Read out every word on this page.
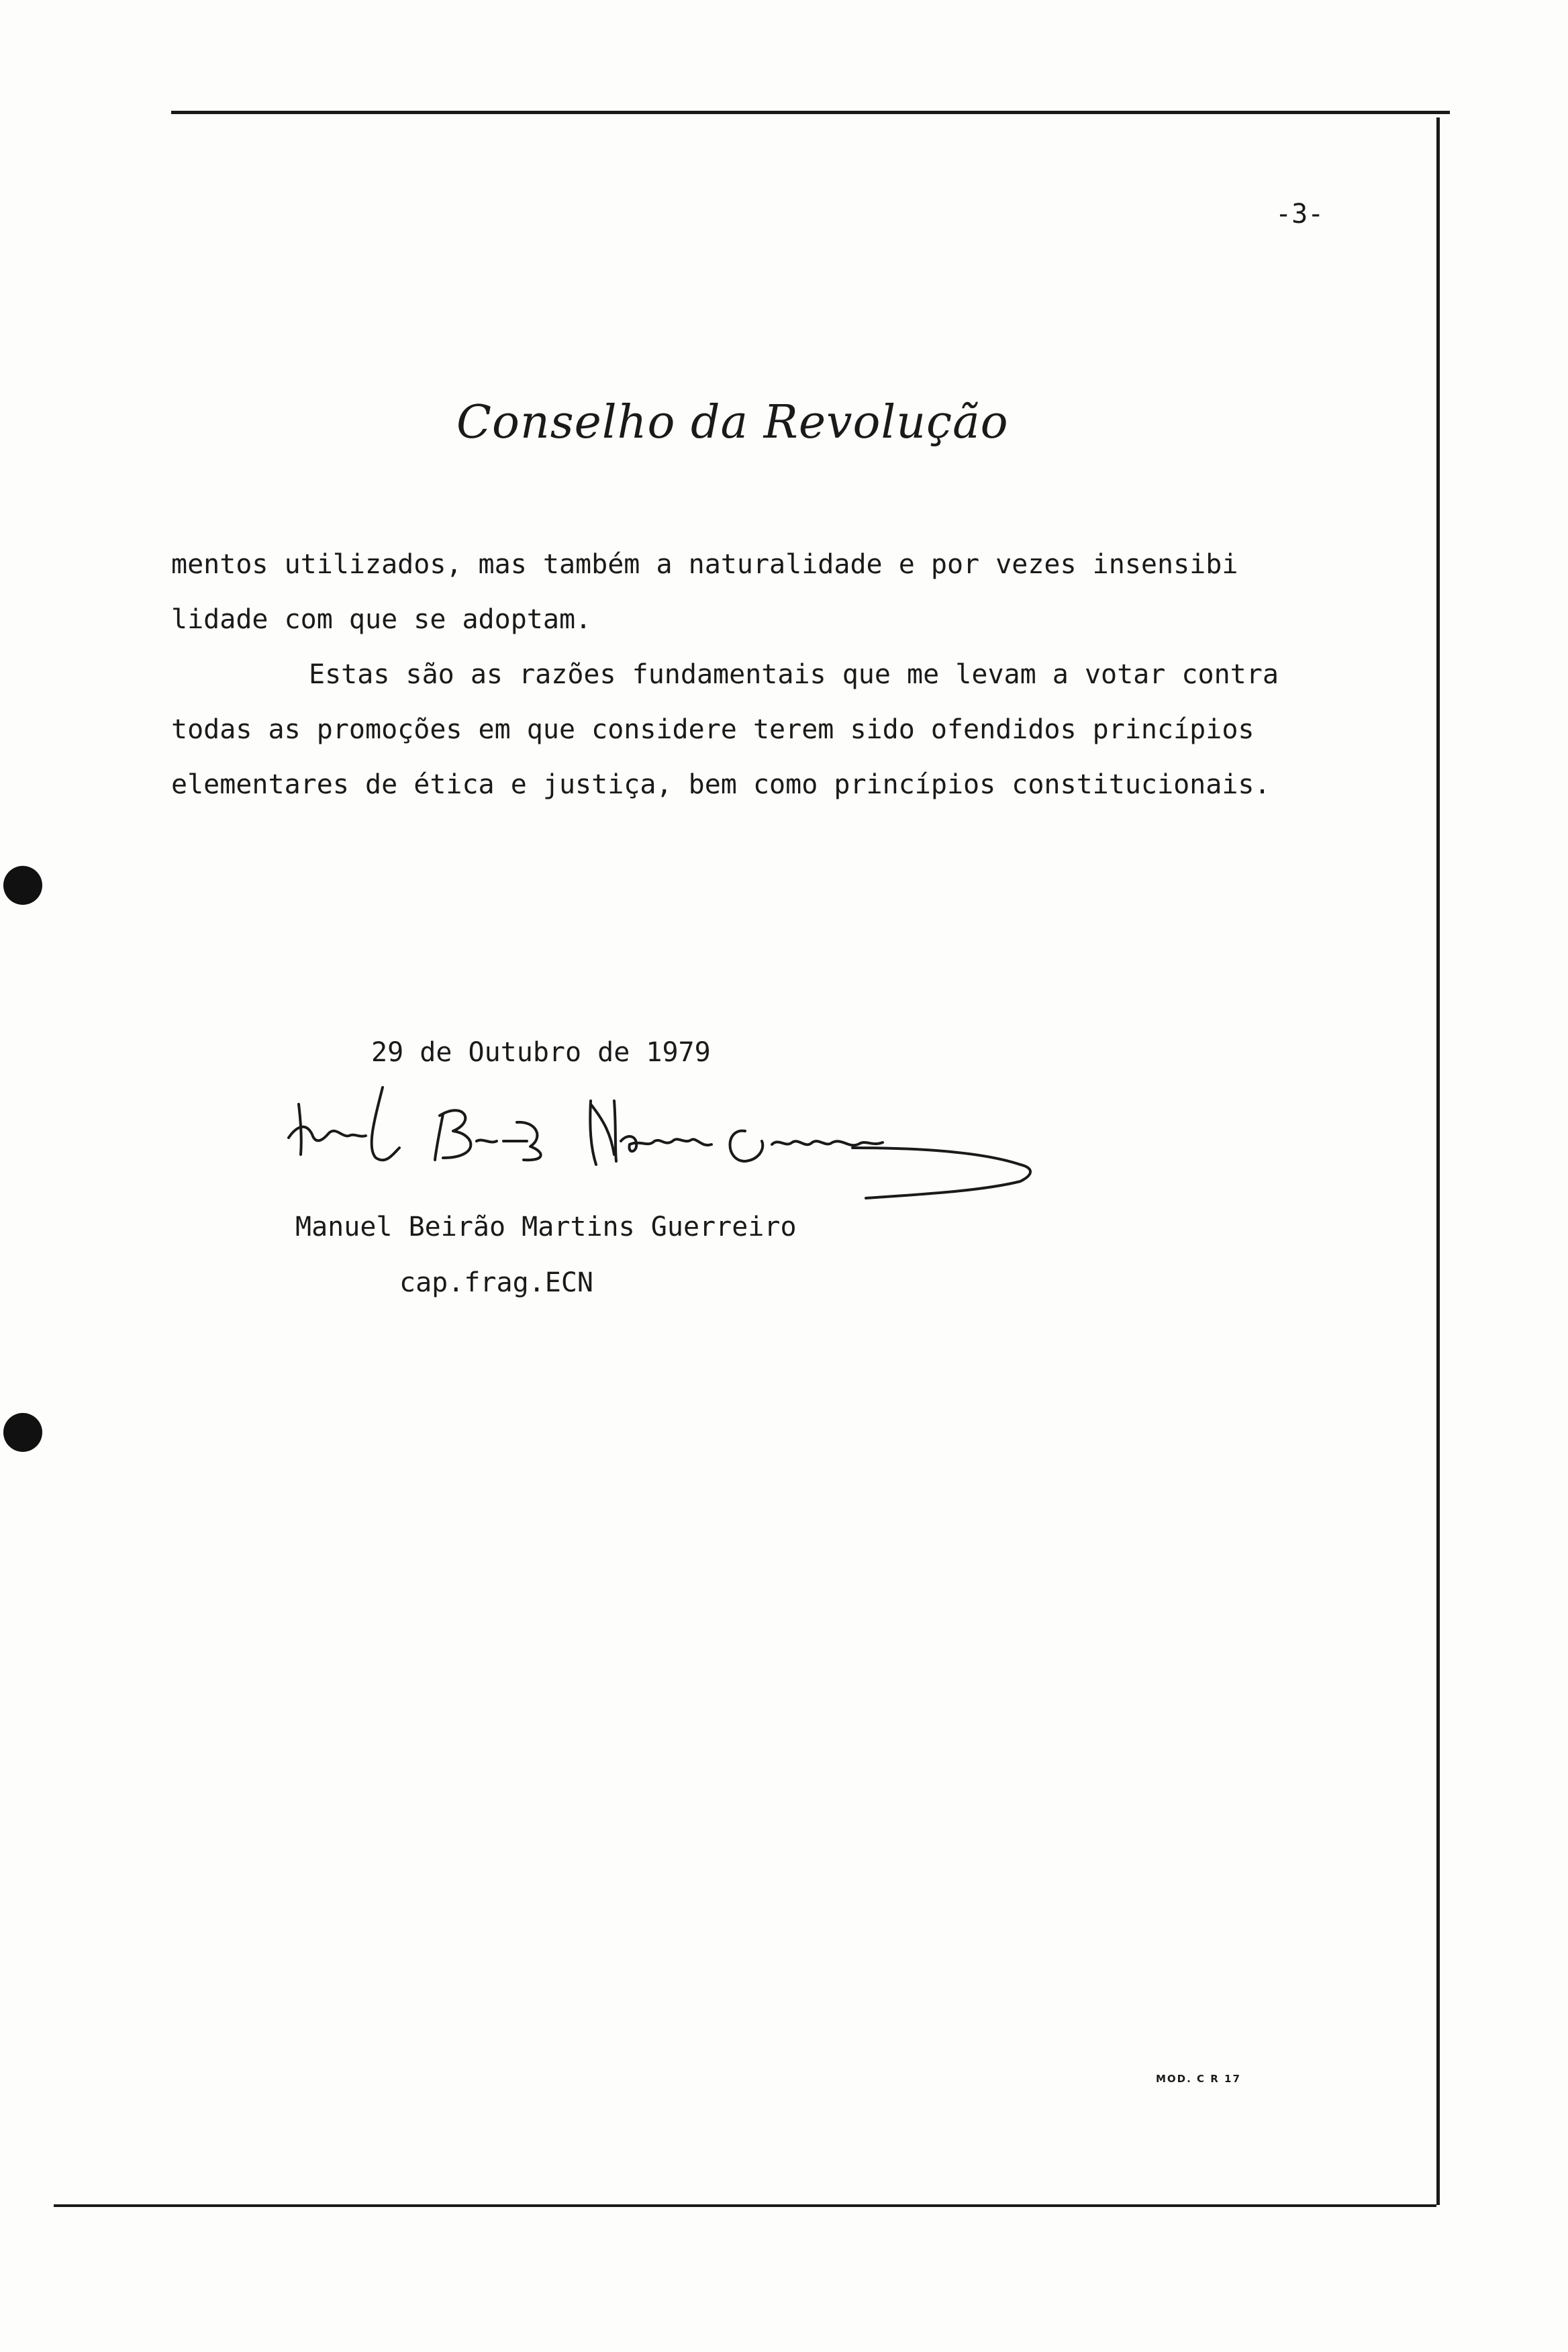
-3-
Conselho da Revolução

mentos utilizados, mas também a naturalidade e por vezes insensibi

lidade com que se adoptam.

Estas são as razões fundamentais que me levam a votar contra

todas as promoções em que considere terem sido ofendidos princípios

elementares de ética e justiça, bem como princípios constitucionais.

29 de Outubro de 1979
Manuel Beirão Martins Guerreiro
cap.frag.ECN
MOD. C R 17
